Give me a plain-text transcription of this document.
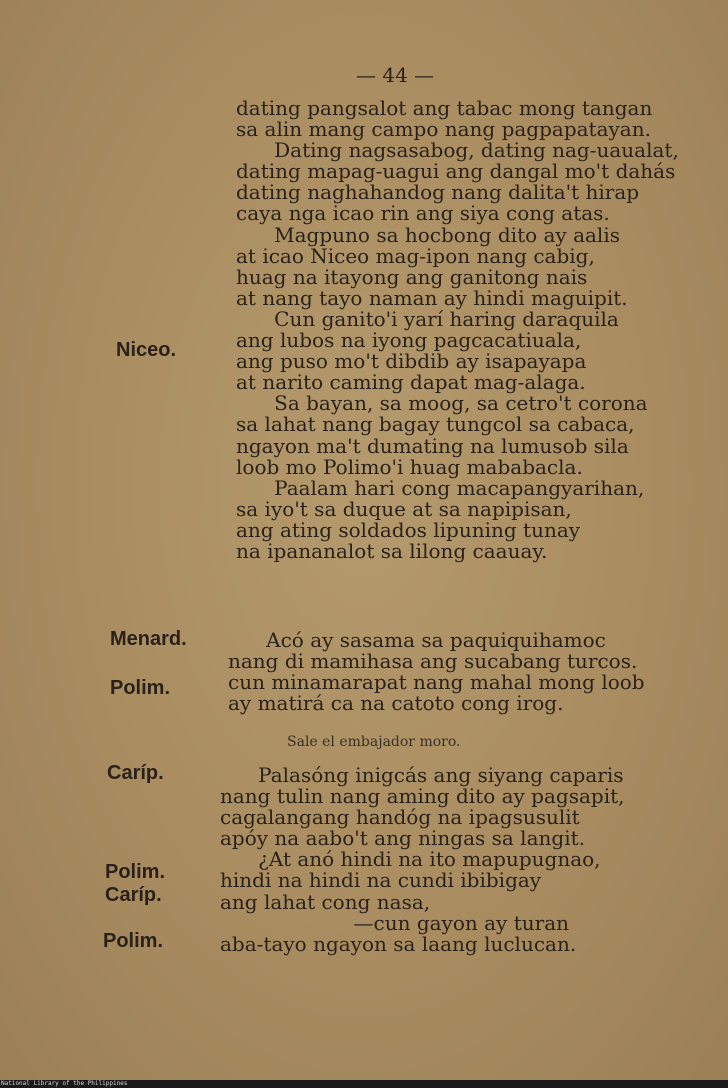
— 44 —
dating pangsalot ang tabac mong tangan
sa alin mang campo nang pagpapatayan.
Dating nagsasabog, dating nag-uaualat,
dating mapag-uagui ang dangal mo't dahás
dating naghahandog nang dalita't hirap
caya nga icao rin ang siya cong atas.
Magpuno sa hocbong dito ay aalis
at icao Niceo mag-ipon nang cabig,
huag na itayong ang ganitong nais
at nang tayo naman ay hindi maguipit.
Cun ganito'i yarí haring daraquila
ang lubos na iyong pagcacatiuala,
ang puso mo't dibdib ay isapayapa
at narito caming dapat mag-alaga.
Sa bayan, sa moog, sa cetro't corona
sa lahat nang bagay tungcol sa cabaca,
ngayon ma't dumating na lumusob sila
loob mo Polimo'i huag mababacla.
Paalam hari cong macapangyarihan,
sa iyo't sa duque at sa napipisan,
ang ating soldados lipuning tunay
na ipananalot sa lilong caauay.
Niceo.
Acó ay sasama sa paquiquihamoc
nang di mamihasa ang sucabang turcos.
cun minamarapat nang mahal mong loob
ay matirá ca na catoto cong irog.
Menard.
Polim.
Sale el embajador moro.
Palasóng inigcás ang siyang caparis
nang tulin nang aming dito ay pagsapit,
cagalangang handóg na ipagsusulit
apóy na aabo't ang ningas sa langit.
¿At anó hindi na ito mapupugnao,
hindi na hindi na cundi ibibigay
ang lahat cong nasa,
—cun gayon ay turan
aba-tayo ngayon sa laang luclucan.
Caríp.
Polim.
Caríp.
Polim.
National Library of the Philippines
